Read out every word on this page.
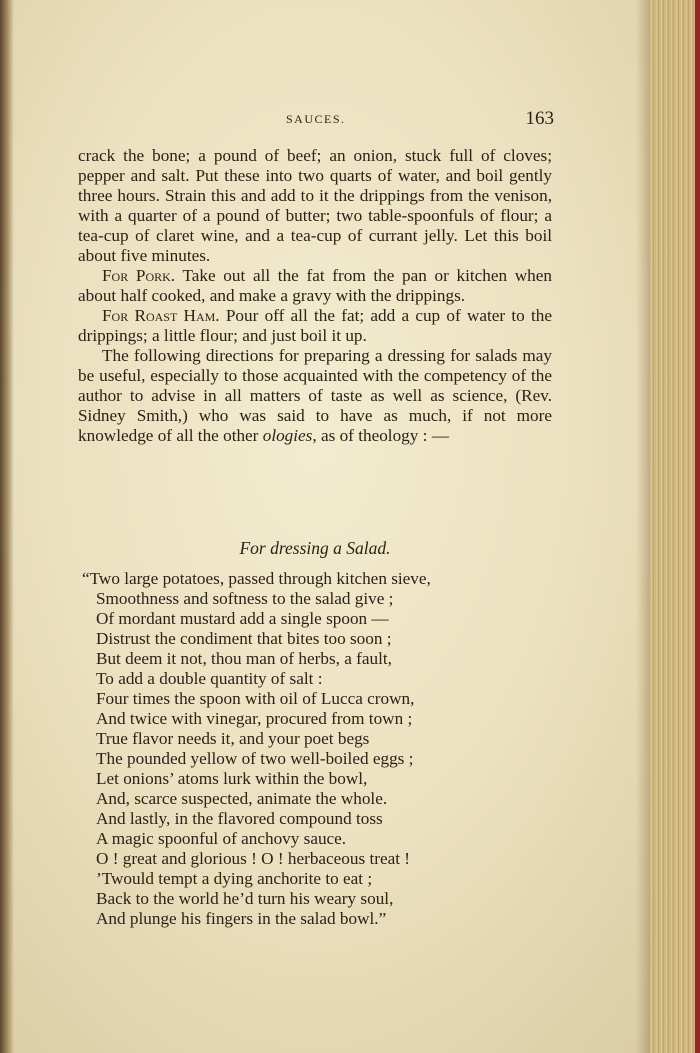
SAUCES.	163

crack the bone; a pound of beef; an onion, stuck full of cloves; pepper and salt. Put these into two quarts of water, and boil gently three hours. Strain this and add to it the drippings from the venison, with a quarter of a pound of butter; two table-spoonfuls of flour; a tea-cup of claret wine, and a tea-cup of currant jelly. Let this boil about five minutes.

For Pork. Take out all the fat from the pan or kitchen when about half cooked, and make a gravy with the drippings.

For Roast Ham. Pour off all the fat; add a cup of water to the drippings; a little flour; and just boil it up.

The following directions for preparing a dressing for salads may be useful, especially to those acquainted with the competency of the author to advise in all matters of taste as well as science, (Rev. Sidney Smith,) who was said to have as much, if not more knowledge of all the other ologies, as of theology : —

For dressing a Salad.
“Two large potatoes, passed through kitchen sieve,
Smoothness and softness to the salad give ;
Of mordant mustard add a single spoon —
Distrust the condiment that bites too soon ;
But deem it not, thou man of herbs, a fault,
To add a double quantity of salt :
Four times the spoon with oil of Lucca crown,
And twice with vinegar, procured from town ;
True flavor needs it, and your poet begs
The pounded yellow of two well-boiled eggs ;
Let onions’ atoms lurk within the bowl,
And, scarce suspected, animate the whole.
And lastly, in the flavored compound toss
A magic spoonful of anchovy sauce.
O ! great and glorious ! O ! herbaceous treat !
’Twould tempt a dying anchorite to eat ;
Back to the world he’d turn his weary soul,
And plunge his fingers in the salad bowl.”
